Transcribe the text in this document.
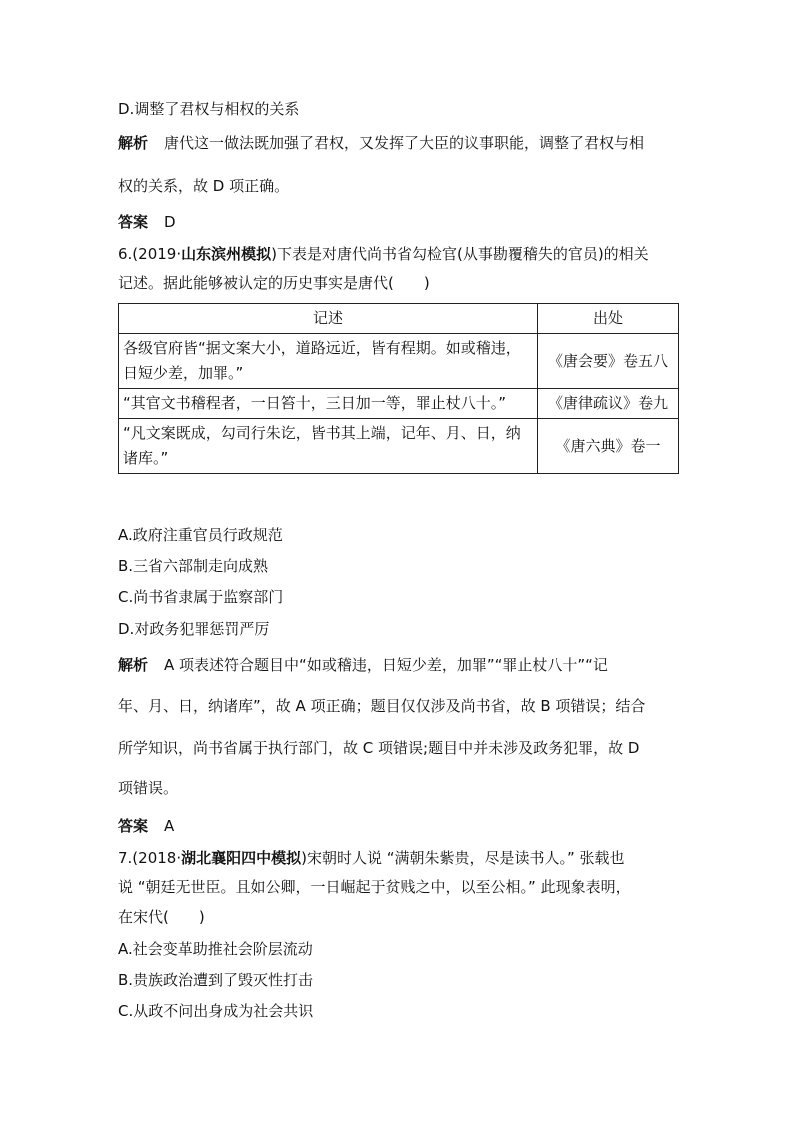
D.调整了君权与相权的关系
解析 唐代这一做法既加强了君权，又发挥了大臣的议事职能，调整了君权与相
权的关系，故 D 项正确。
答案 D
6.(2019·山东滨州模拟)下表是对唐代尚书省勾检官(从事勘覆稽失的官员)的相关
记述。据此能够被认定的历史事实是唐代(　　)
记述	出处
各级官府皆“据文案大小，道路远近，皆有程期。如或稽违，日短少差，加罪。”	《唐会要》卷五八
“其官文书稽程者，一日笞十，三日加一等，罪止杖八十。”	《唐律疏议》卷九
“凡文案既成，勾司行朱讫，皆书其上端，记年、月、日，纳诸库。”	《唐六典》卷一
A.政府注重官员行政规范
B.三省六部制走向成熟
C.尚书省隶属于监察部门
D.对政务犯罪惩罚严厉
解析 A 项表述符合题目中“如或稽违，日短少差，加罪”“罪止杖八十”“记
年、月、日，纳诸库”，故 A 项正确；题目仅仅涉及尚书省，故 B 项错误；结合
所学知识，尚书省属于执行部门，故 C 项错误;题目中并未涉及政务犯罪，故 D
项错误。
答案 A
7.(2018·湖北襄阳四中模拟)宋朝时人说 “满朝朱紫贵，尽是读书人。” 张载也
说 “朝廷无世臣。且如公卿，一日崛起于贫贱之中，以至公相。” 此现象表明，
在宋代(　　)
A.社会变革助推社会阶层流动
B.贵族政治遭到了毁灭性打击
C.从政不问出身成为社会共识
